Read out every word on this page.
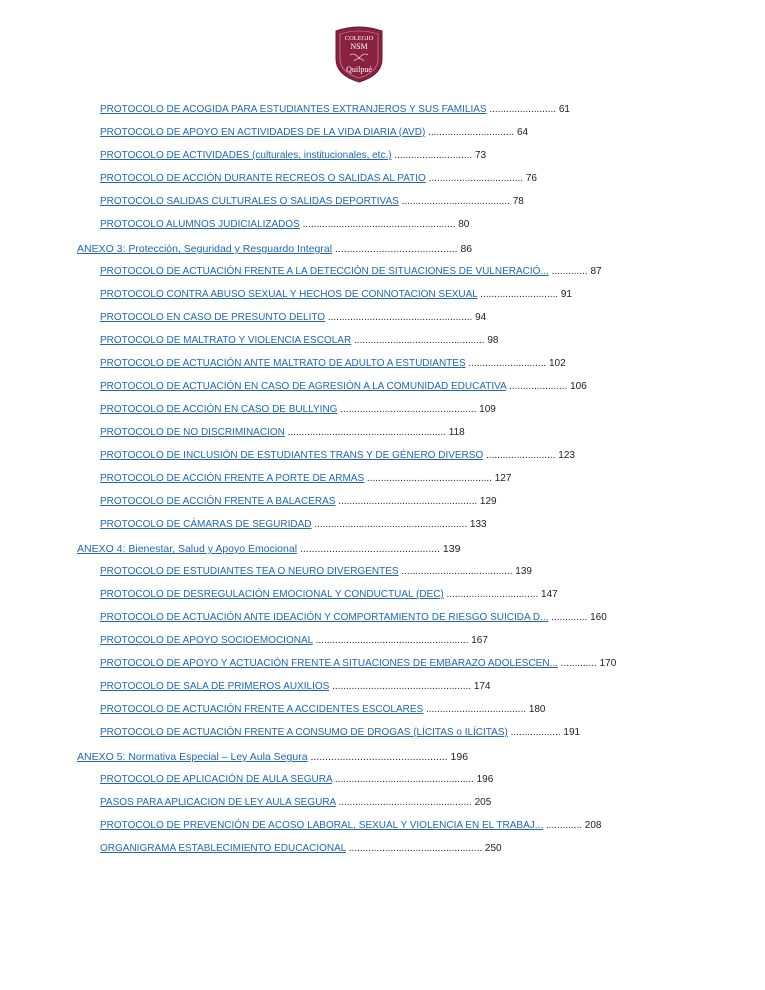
COLEGIO
NSM
Quilpué
PROTOCOLO DE ACOGIDA PARA ESTUDIANTES EXTRANJEROS Y SUS FAMILIAS ........................ 61
PROTOCOLO DE APOYO EN ACTIVIDADES DE LA VIDA DIARIA (AVD) ............................... 64
PROTOCOLO DE ACTIVIDADES (culturales, institucionales, etc.) ............................ 73
PROTOCOLO DE ACCIÓN DURANTE RECREOS O SALIDAS AL PATIO .................................. 76
PROTOCOLO SALIDAS CULTURALES O SALIDAS DEPORTIVAS ....................................... 78
PROTOCOLO ALUMNOS JUDICIALIZADOS ....................................................... 80
ANEXO 3: Protección, Seguridad y Resguardo Integral .......................................... 86
PROTOCOLO DE ACTUACIÓN FRENTE A LA DETECCIÓN DE SITUACIONES DE VULNERACIÓ... ............. 87
PROTOCOLO CONTRA ABUSO SEXUAL Y HECHOS DE CONNOTACION SEXUAL ............................ 91
PROTOCOLO EN CASO DE PRESUNTO DELITO .................................................... 94
PROTOCOLO DE MALTRATO Y VIOLENCIA ESCOLAR ............................................... 98
PROTOCOLO DE ACTUACIÓN ANTE MALTRATO DE ADULTO A ESTUDIANTES ............................ 102
PROTOCOLO DE ACTUACIÓN EN CASO DE AGRESIÓN A LA COMUNIDAD EDUCATIVA ..................... 106
PROTOCOLO DE ACCIÓN EN CASO DE BULLYING ................................................. 109
PROTOCOLO DE NO DISCRIMINACION ......................................................... 118
PROTOCOLO DE INCLUSIÓN DE ESTUDIANTES TRANS Y DE GÉNERO DIVERSO ......................... 123
PROTOCOLO DE ACCIÓN FRENTE A PORTE DE ARMAS ............................................. 127
PROTOCOLO DE ACCIÓN FRENTE A BALACERAS .................................................. 129
PROTOCOLO DE CÁMARAS DE SEGURIDAD ....................................................... 133
ANEXO 4: Bienestar, Salud y Apoyo Emocional ................................................ 139
PROTOCOLO DE ESTUDIANTES TEA O NEURO DIVERGENTES ........................................ 139
PROTOCOLO DE DESREGULACIÓN EMOCIONAL Y CONDUCTUAL (DEC) ................................. 147
PROTOCOLO DE ACTUACIÓN ANTE IDEACIÓN Y COMPORTAMIENTO DE RIESGO SUICIDA D... ............. 160
PROTOCOLO DE APOYO SOCIOEMOCIONAL ....................................................... 167
PROTOCOLO DE APOYO Y ACTUACIÓN FRENTE A SITUACIONES DE EMBARAZO ADOLESCEN... ............. 170
PROTOCOLO DE SALA DE PRIMEROS AUXILIOS .................................................. 174
PROTOCOLO DE ACTUACIÓN FRENTE A ACCIDENTES ESCOLARES .................................... 180
PROTOCOLO DE ACTUACIÓN FRENTE A CONSUMO DE DROGAS (LÍCITAS o ILÍCITAS) .................. 191
ANEXO 5: Normativa Especial – Ley Aula Segura ............................................... 196
PROTOCOLO DE APLICACIÓN DE AULA SEGURA .................................................. 196
PASOS PARA APLICACION DE LEY AULA SEGURA ................................................ 205
PROTOCOLO DE PREVENCIÓN DE ACOSO LABORAL, SEXUAL Y VIOLENCIA EN EL TRABAJ... ............. 208
ORGANIGRAMA ESTABLECIMIENTO EDUCACIONAL ................................................ 250
